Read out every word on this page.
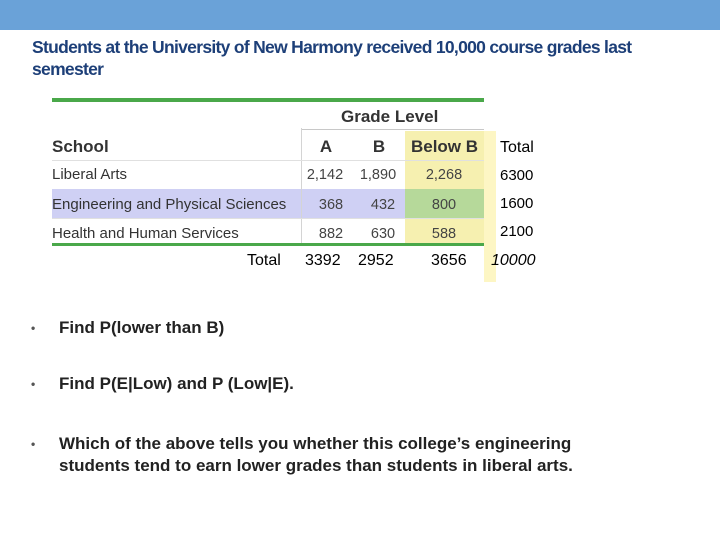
Students at the University of New Harmony received 10,000 course grades last semester
Grade Level
School	A	B	Below B	Total
Liberal Arts	2,142	1,890	2,268	6300
Engineering and Physical Sciences	368	432	800	1600
Health and Human Services	882	630	588	2100
Total 3392 2952 3656 10000
• Find P(lower than B)
• Find P(E|Low) and P (Low|E).
• Which of the above tells you whether this college’s engineering students tend to earn lower grades than students in liberal arts.
